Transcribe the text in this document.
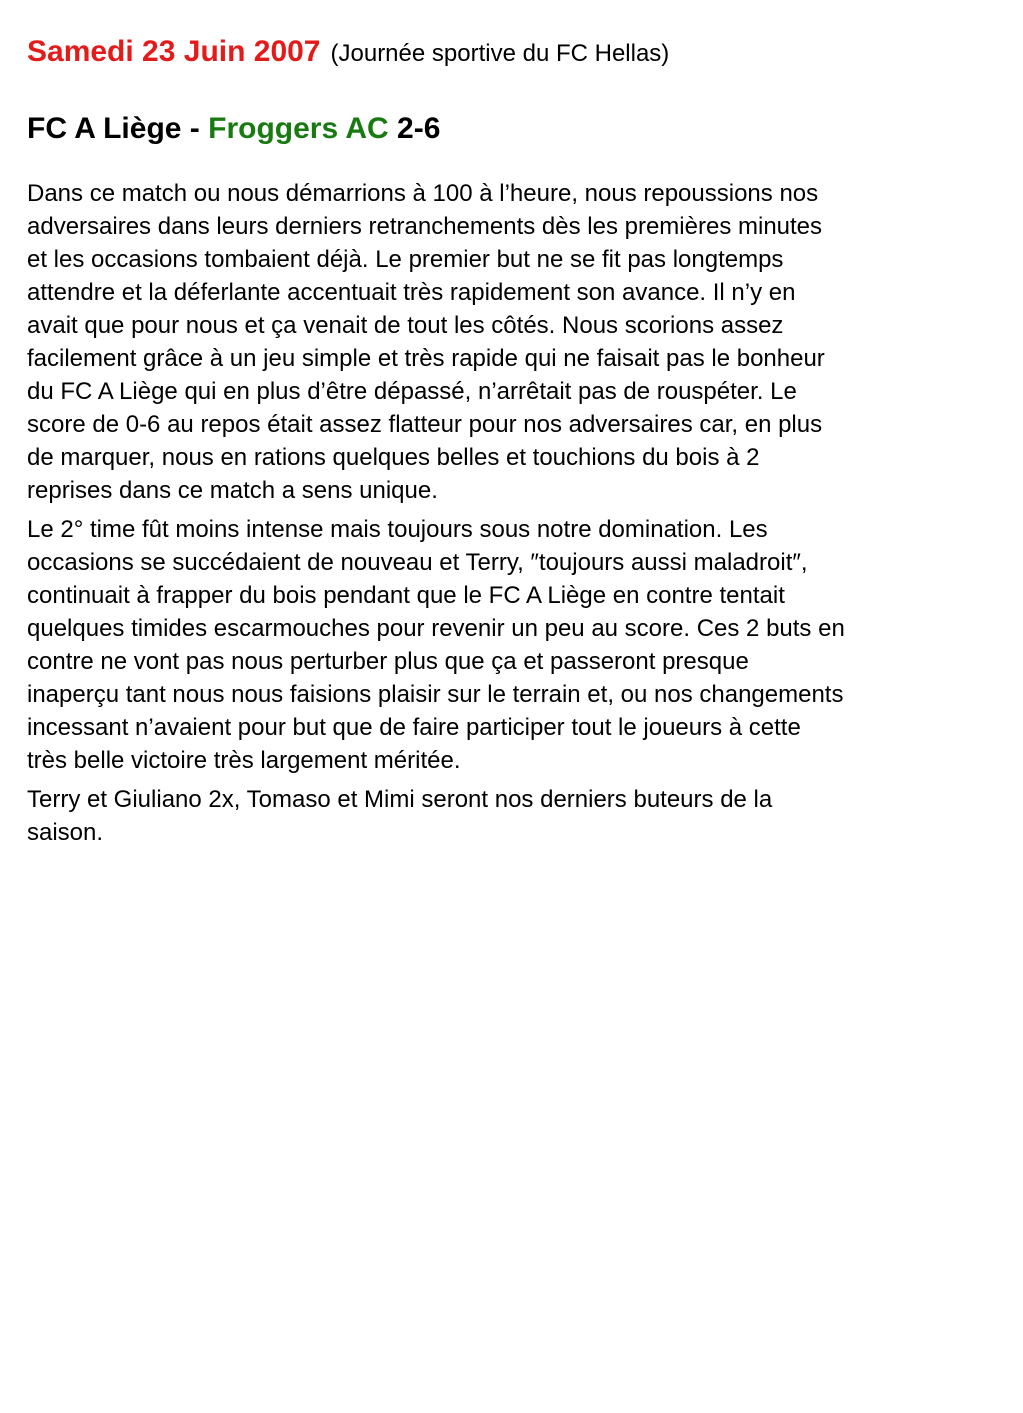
Samedi 23 Juin 2007 (Journée sportive du FC Hellas)

FC A Liège - Froggers AC 2-6

Dans ce match ou nous démarrions à 100 à l’heure, nous repoussions nos
adversaires dans leurs derniers retranchements dès les premières minutes
et les occasions tombaient déjà. Le premier but ne se fit pas longtemps
attendre et la déferlante accentuait très rapidement son avance. Il n’y en
avait que pour nous et ça venait de tout les côtés. Nous scorions assez
facilement grâce à un jeu simple et très rapide qui ne faisait pas le bonheur
du FC A Liège qui en plus d’être dépassé, n’arrêtait pas de rouspéter. Le
score de 0-6 au repos était assez flatteur pour nos adversaires car, en plus
de marquer, nous en rations quelques belles et touchions du bois à 2
reprises dans ce match a sens unique.

Le 2° time fût moins intense mais toujours sous notre domination. Les
occasions se succédaient de nouveau et Terry, ″toujours aussi maladroit″,
continuait à frapper du bois pendant que le FC A Liège en contre tentait
quelques timides escarmouches pour revenir un peu au score. Ces 2 buts en
contre ne vont pas nous perturber plus que ça et passeront presque
inaperçu tant nous nous faisions plaisir sur le terrain et, ou nos changements
incessant n’avaient pour but que de faire participer tout le joueurs à cette
très belle victoire très largement méritée.

Terry et Giuliano 2x, Tomaso et Mimi seront nos derniers buteurs de la
saison.
